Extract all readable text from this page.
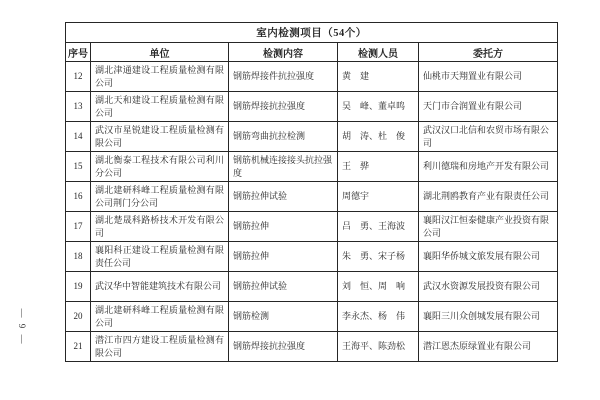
— 9 —
室内检测项目（54个）				
序号	单位	检测内容	检测人员	委托方
12	湖北津通建设工程质量检测有限公司	钢筋焊接件抗拉强度	黄　建	仙桃市天翔置业有限公司
13	湖北天和建设工程质量检测有限公司	钢筋焊接抗拉强度	吴　峰、董卓鸣	天门市合润置业有限公司
14	武汉市星锐建设工程质量检测有限公司	钢筋弯曲抗拉检测	胡　涛、杜　俊	武汉汉口北信和农贸市场有限公司
15	湖北衡泰工程技术有限公司利川分公司	钢筋机械连接接头抗拉强度	王　骅	利川德瑞和房地产开发有限公司
16	湖北建研科峰工程质量检测有限公司荆门分公司	钢筋拉伸试验	周德宇	湖北荆鸥教育产业有限责任公司
17	湖北楚晟科路桥技术开发有限公司	钢筋拉伸	吕　勇、王海波	襄阳汉江恒泰健康产业投资有限公司
18	襄阳科正建设工程质量检测有限责任公司	钢筋拉伸	朱　勇、宋子杨	襄阳华侨城文旅发展有限公司
19	武汉华中智能建筑技术有限公司	钢筋拉伸试验	刘　恒、周　响	武汉水资源发展投资有限公司
20	湖北建研科峰工程质量检测有限公司	钢筋检测	李永杰、杨　伟	襄阳三川众创城发展有限公司
21	潜江市四方建设工程质量检测有限公司	钢筋焊接抗拉强度	王海平、陈劲松	潜江恩杰原绿置业有限公司
